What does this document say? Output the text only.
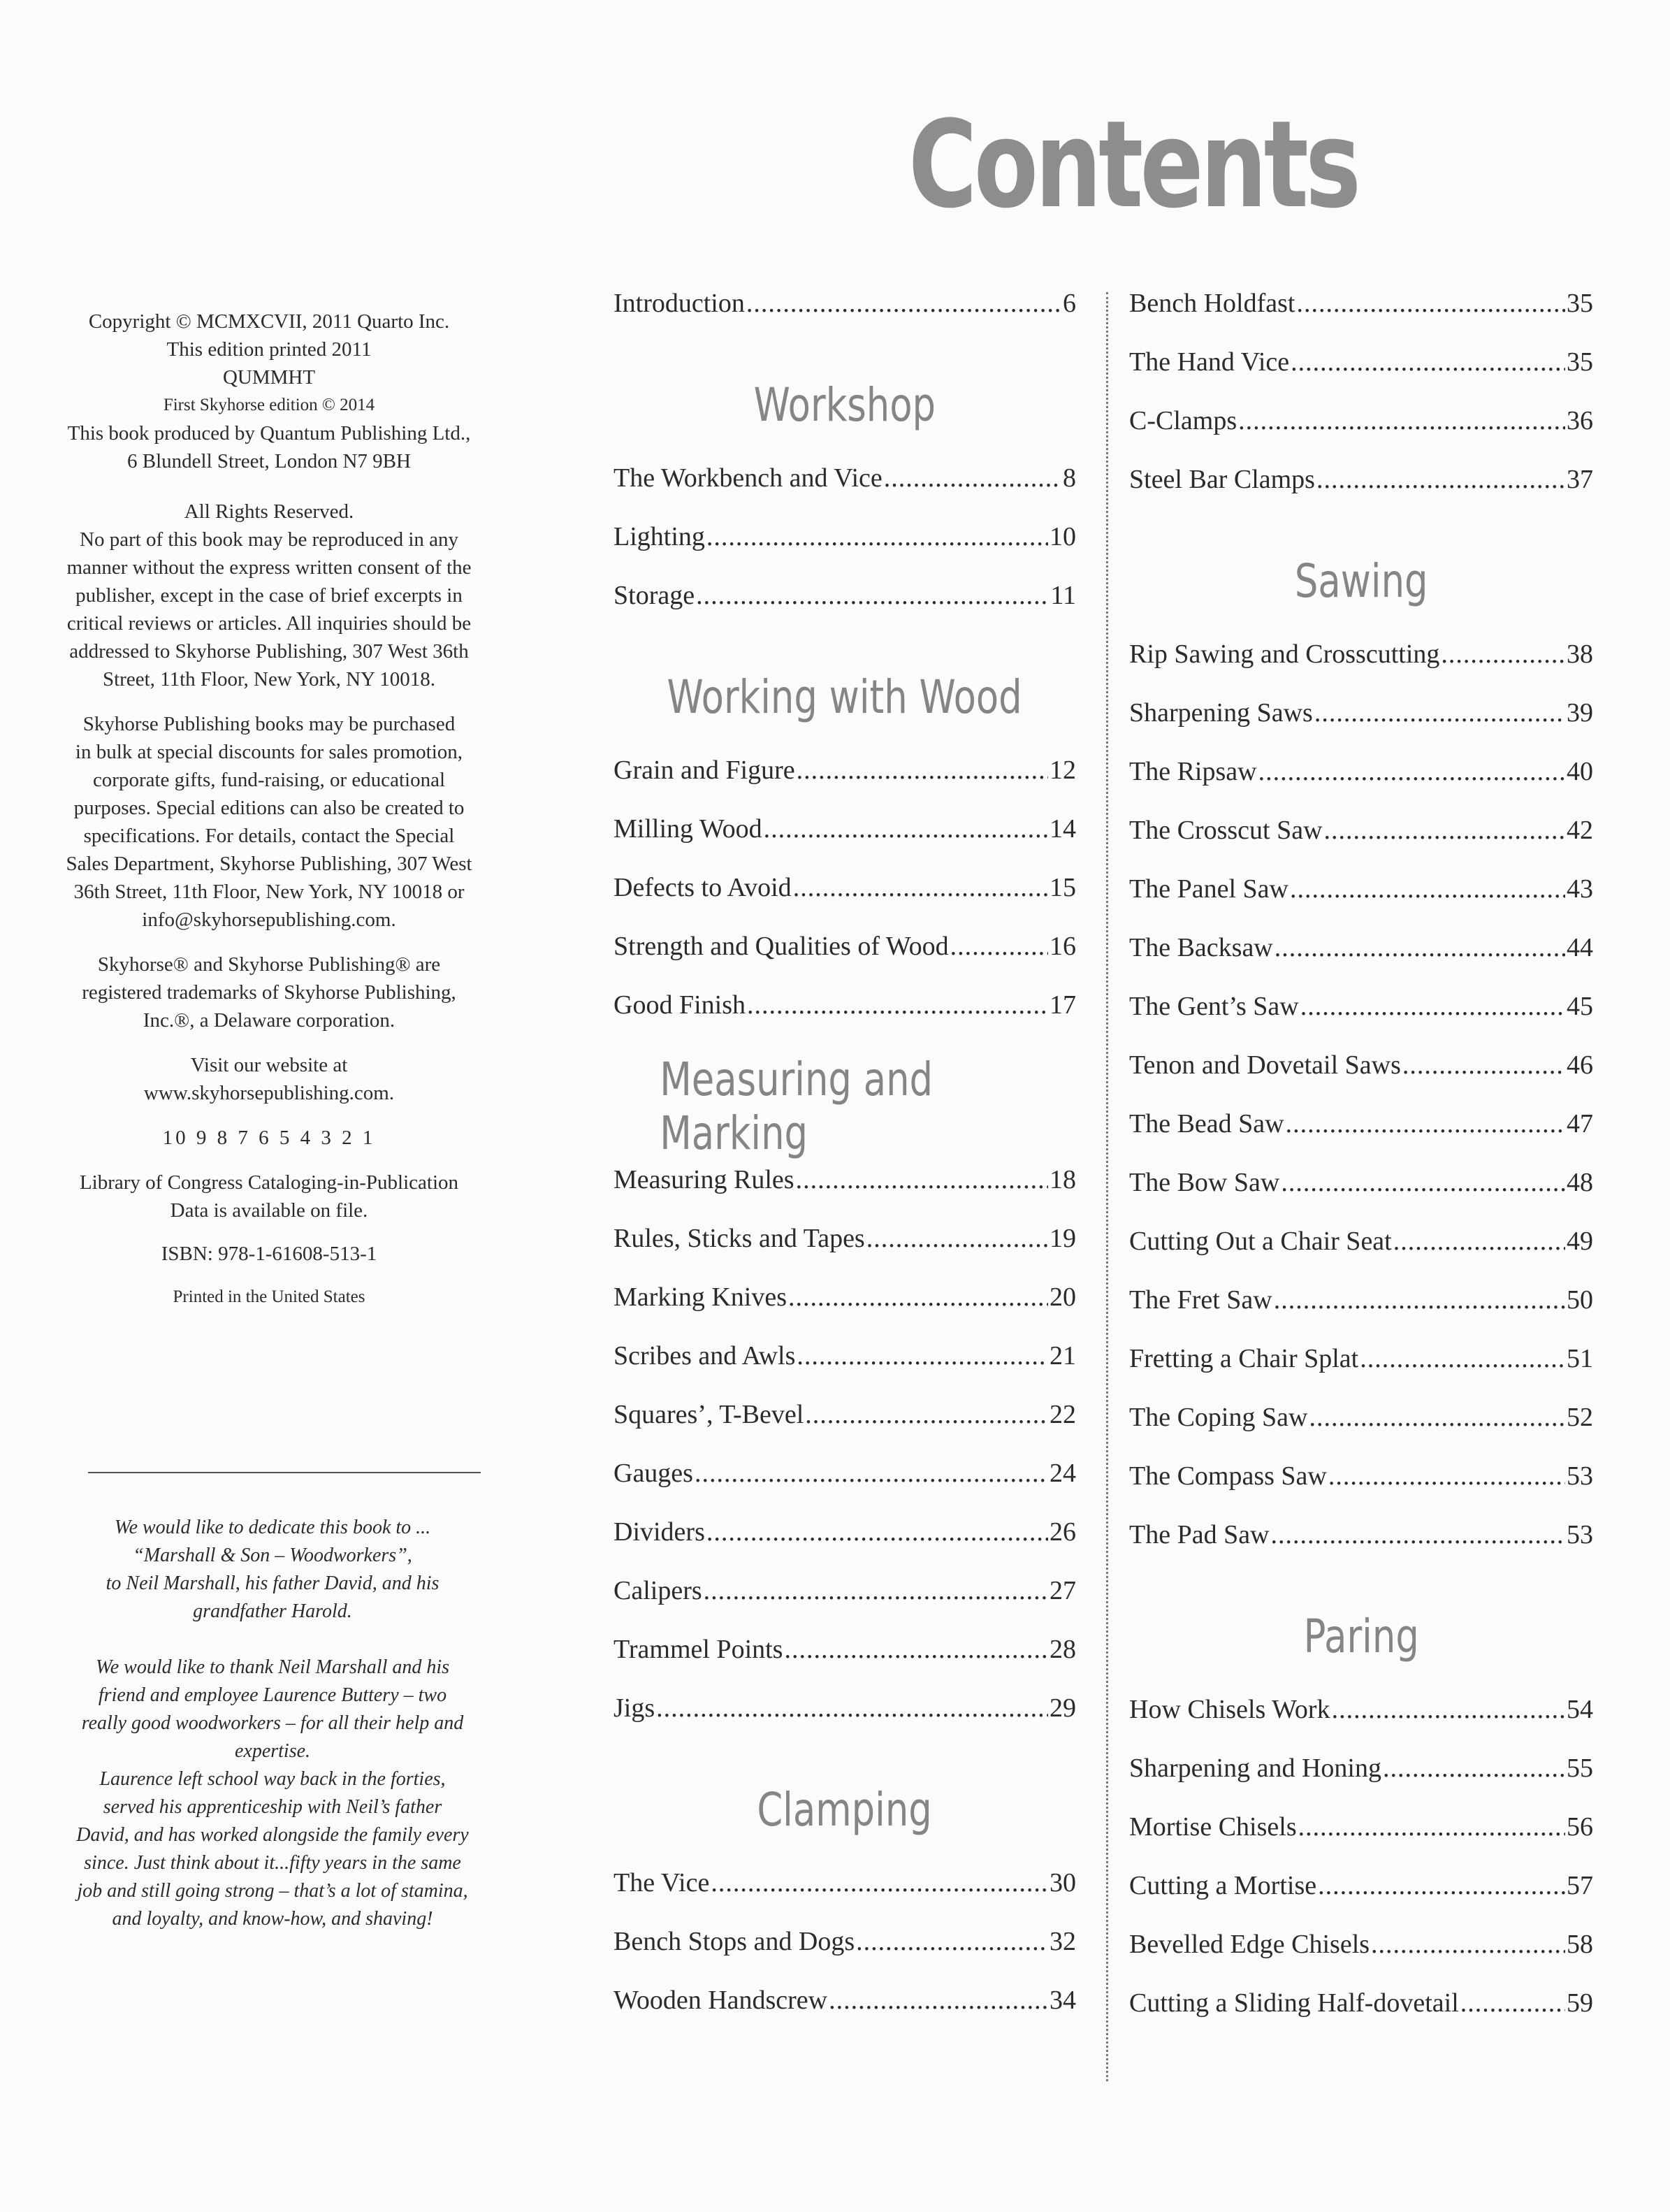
Contents

Copyright © MCMXCVII, 2011 Quarto Inc.

This edition printed 2011

QUMMHT

First Skyhorse edition © 2014

This book produced by Quantum Publishing Ltd.,

6 Blundell Street, London N7 9BH

All Rights Reserved.

No part of this book may be reproduced in any

manner without the express written consent of the

publisher, except in the case of brief excerpts in

critical reviews or articles. All inquiries should be

addressed to Skyhorse Publishing, 307 West 36th

Street, 11th Floor, New York, NY 10018.

Skyhorse Publishing books may be purchased

in bulk at special discounts for sales promotion,

corporate gifts, fund-raising, or educational

purposes. Special editions can also be created to

specifications. For details, contact the Special

Sales Department, Skyhorse Publishing, 307 West

36th Street, 11th Floor, New York, NY 10018 or

info@skyhorsepublishing.com.

Skyhorse® and Skyhorse Publishing® are

registered trademarks of Skyhorse Publishing,

Inc.®, a Delaware corporation.

Visit our website at

www.skyhorsepublishing.com.

10 9 8 7 6 5 4 3 2 1

Library of Congress Cataloging-in-Publication

Data is available on file.

ISBN: 978-1-61608-513-1

Printed in the United States

We would like to dedicate this book to ...

“Marshall & Son – Woodworkers”,

to Neil Marshall, his father David, and his

grandfather Harold.

We would like to thank Neil Marshall and his

friend and employee Laurence Buttery – two

really good woodworkers – for all their help and

expertise.

Laurence left school way back in the forties,

served his apprenticeship with Neil’s father

David, and has worked alongside the family every

since. Just think about it...fifty years in the same

job and still going strong – that’s a lot of stamina,

and loyalty, and know-how, and shaving!

Introduction .....	6
Workshop
The Workbench and Vice .....	8
Lighting .....	10
Storage .....	11
Working with Wood
Grain and Figure .....	12
Milling Wood .....	14
Defects to Avoid .....	15
Strength and Qualities of Wood .....	16
Good Finish .....	17
Measuring and Marking
Measuring Rules .....	18
Rules, Sticks and Tapes .....	19
Marking Knives .....	20
Scribes and Awls .....	21
Squares’, T-Bevel .....	22
Gauges .....	24
Dividers .....	26
Calipers .....	27
Trammel Points .....	28
Jigs .....	29
Clamping
The Vice .....	30
Bench Stops and Dogs .....	32
Wooden Handscrew .....	34
Bench Holdfast .....	35
The Hand Vice .....	35
C-Clamps .....	36
Steel Bar Clamps .....	37
Sawing
Rip Sawing and Crosscutting .....	38
Sharpening Saws .....	39
The Ripsaw .....	40
The Crosscut Saw .....	42
The Panel Saw .....	43
The Backsaw .....	44
The Gent’s Saw .....	45
Tenon and Dovetail Saws .....	46
The Bead Saw .....	47
The Bow Saw .....	48
Cutting Out a Chair Seat .....	49
The Fret Saw .....	50
Fretting a Chair Splat .....	51
The Coping Saw .....	52
The Compass Saw .....	53
The Pad Saw .....	53
Paring
How Chisels Work .....	54
Sharpening and Honing .....	55
Mortise Chisels .....	56
Cutting a Mortise .....	57
Bevelled Edge Chisels .....	58
Cutting a Sliding Half-dovetail .....	59
